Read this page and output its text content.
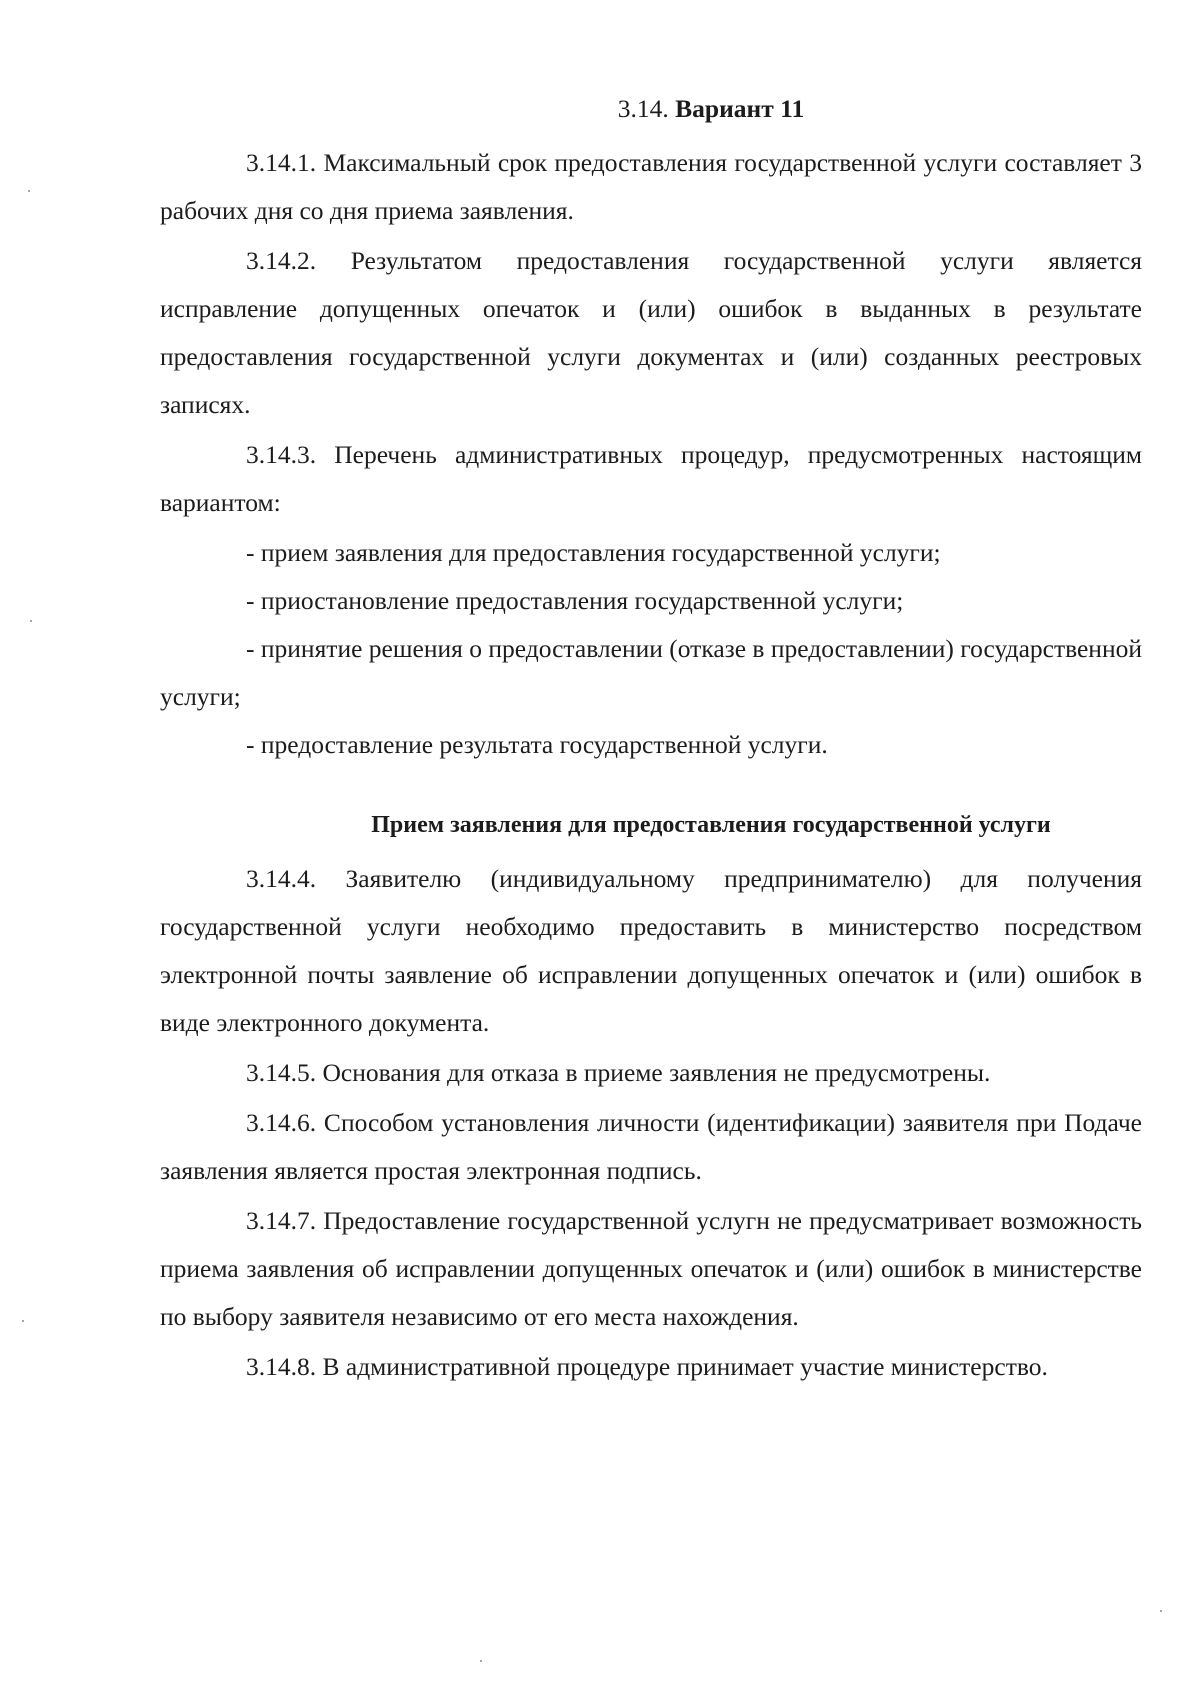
3.14. Вариант 11

3.14.1. Максимальный срок предоставления государственной услуги составляет 3 рабочих дня со дня приема заявления.

3.14.2. Результатом предоставления государственной услуги является исправление допущенных опечаток и (или) ошибок в выданных в результате предоставления государственной услуги документах и (или) созданных реестровых записях.

3.14.3. Перечень административных процедур, предусмотренных настоящим вариантом:

- прием заявления для предоставления государственной услуги;

- приостановление предоставления государственной услуги;

- принятие решения о предоставлении (отказе в предоставлении) государственной услуги;

- предоставление результата государственной услуги.

Прием заявления для предоставления государственной услуги

3.14.4. Заявителю (индивидуальному предпринимателю) для получения государственной услуги необходимо предоставить в министерство посредством электронной почты заявление об исправлении допущенных опечаток и (или) ошибок в виде электронного документа.

3.14.5. Основания для отказа в приеме заявления не предусмотрены.

3.14.6. Способом установления личности (идентификации) заявителя при Подаче заявления является простая электронная подпись.

3.14.7. Предоставление государственной услугн не предусматривает возможность приема заявления об исправлении допущенных опечаток и (или) ошибок в министерстве по выбору заявителя независимо от его места нахождения.

3.14.8. В административной процедуре принимает участие министерство.
